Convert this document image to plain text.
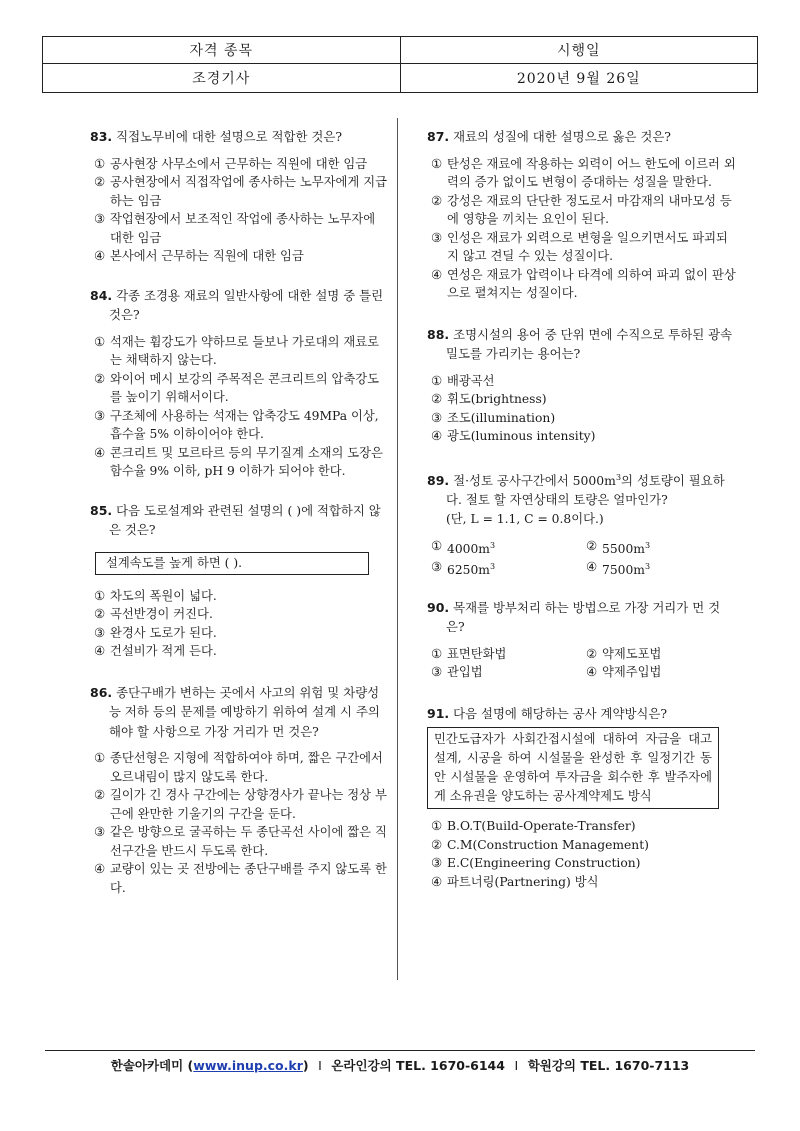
자격 종목	시행일
조경기사	2020년 9월 26일

83. 직접노무비에 대한 설명으로 적합한 것은?

① 공사현장 사무소에서 근무하는 직원에 대한 임금
② 공사현장에서 직접작업에 종사하는 노무자에게 지급하는 임금
③ 작업현장에서 보조적인 작업에 종사하는 노무자에 대한 임금
④ 본사에서 근무하는 직원에 대한 임금

84. 각종 조경용 재료의 일반사항에 대한 설명 중 틀린 것은?

① 석재는 휨강도가 약하므로 들보나 가로대의 재료로는 채택하지 않는다.
② 와이어 메시 보강의 주목적은 콘크리트의 압축강도를 높이기 위해서이다.
③ 구조체에 사용하는 석재는 압축강도 49MPa 이상, 흡수율 5% 이하이어야 한다.
④ 콘크리트 및 모르타르 등의 무기질계 소재의 도장은 함수율 9% 이하, pH 9 이하가 되어야 한다.

85. 다음 도로설계와 관련된 설명의 ( )에 적합하지 않은 것은?

설계속도를 높게 하면 ( ).
① 차도의 폭원이 넓다.
② 곡선반경이 커진다.
③ 완경사 도로가 된다.
④ 건설비가 적게 든다.

86. 종단구배가 변하는 곳에서 사고의 위험 및 차량성능 저하 등의 문제를 예방하기 위하여 설계 시 주의해야 할 사항으로 가장 거리가 먼 것은?

① 종단선형은 지형에 적합하여야 하며, 짧은 구간에서 오르내림이 많지 않도록 한다.
② 길이가 긴 경사 구간에는 상향경사가 끝나는 정상 부근에 완만한 기울기의 구간을 둔다.
③ 같은 방향으로 굴곡하는 두 종단곡선 사이에 짧은 직선구간을 반드시 두도록 한다.
④ 교량이 있는 곳 전방에는 종단구배를 주지 않도록 한다.

87. 재료의 성질에 대한 설명으로 옳은 것은?

① 탄성은 재료에 작용하는 외력이 어느 한도에 이르러 외력의 증가 없이도 변형이 증대하는 성질을 말한다.
② 강성은 재료의 단단한 정도로서 마감재의 내마모성 등에 영향을 끼치는 요인이 된다.
③ 인성은 재료가 외력으로 변형을 일으키면서도 파괴되지 않고 견딜 수 있는 성질이다.
④ 연성은 재료가 압력이나 타격에 의하여 파괴 없이 판상으로 펼쳐지는 성질이다.

88. 조명시설의 용어 중 단위 면에 수직으로 투하된 광속밀도를 가리키는 용어는?

① 배광곡선
② 휘도(brightness)
③ 조도(illumination)
④ 광도(luminous intensity)

89. 절·성토 공사구간에서 $5000m^3$의 성토량이 필요하다. 절토 할 자연상태의 토량은 얼마인가?

(단, L = 1.1, C = 0.8이다.)

① $4000m^3$	② $5500m^3$
③ $6250m^3$	④ $7500m^3$

90. 목재를 방부처리 하는 방법으로 가장 거리가 먼 것은?

① 표면탄화법	② 약제도포법
③ 관입법	④ 약제주입법

91. 다음 설명에 해당하는 공사 계약방식은?

민간도급자가 사회간접시설에 대하여 자금을 대고 설계, 시공을 하여 시설물을 완성한 후 일정기간 동안 시설물을 운영하여 투자금을 회수한 후 발주자에게 소유권을 양도하는 공사계약제도 방식
① B.O.T(Build-Operate-Transfer)
② C.M(Construction Management)
③ E.C(Engineering Construction)
④ 파트너링(Partnering) 방식
한솔아카데미 (www.inup.co.kr) I 온라인강의 TEL. 1670-6144 I 학원강의 TEL. 1670-7113
